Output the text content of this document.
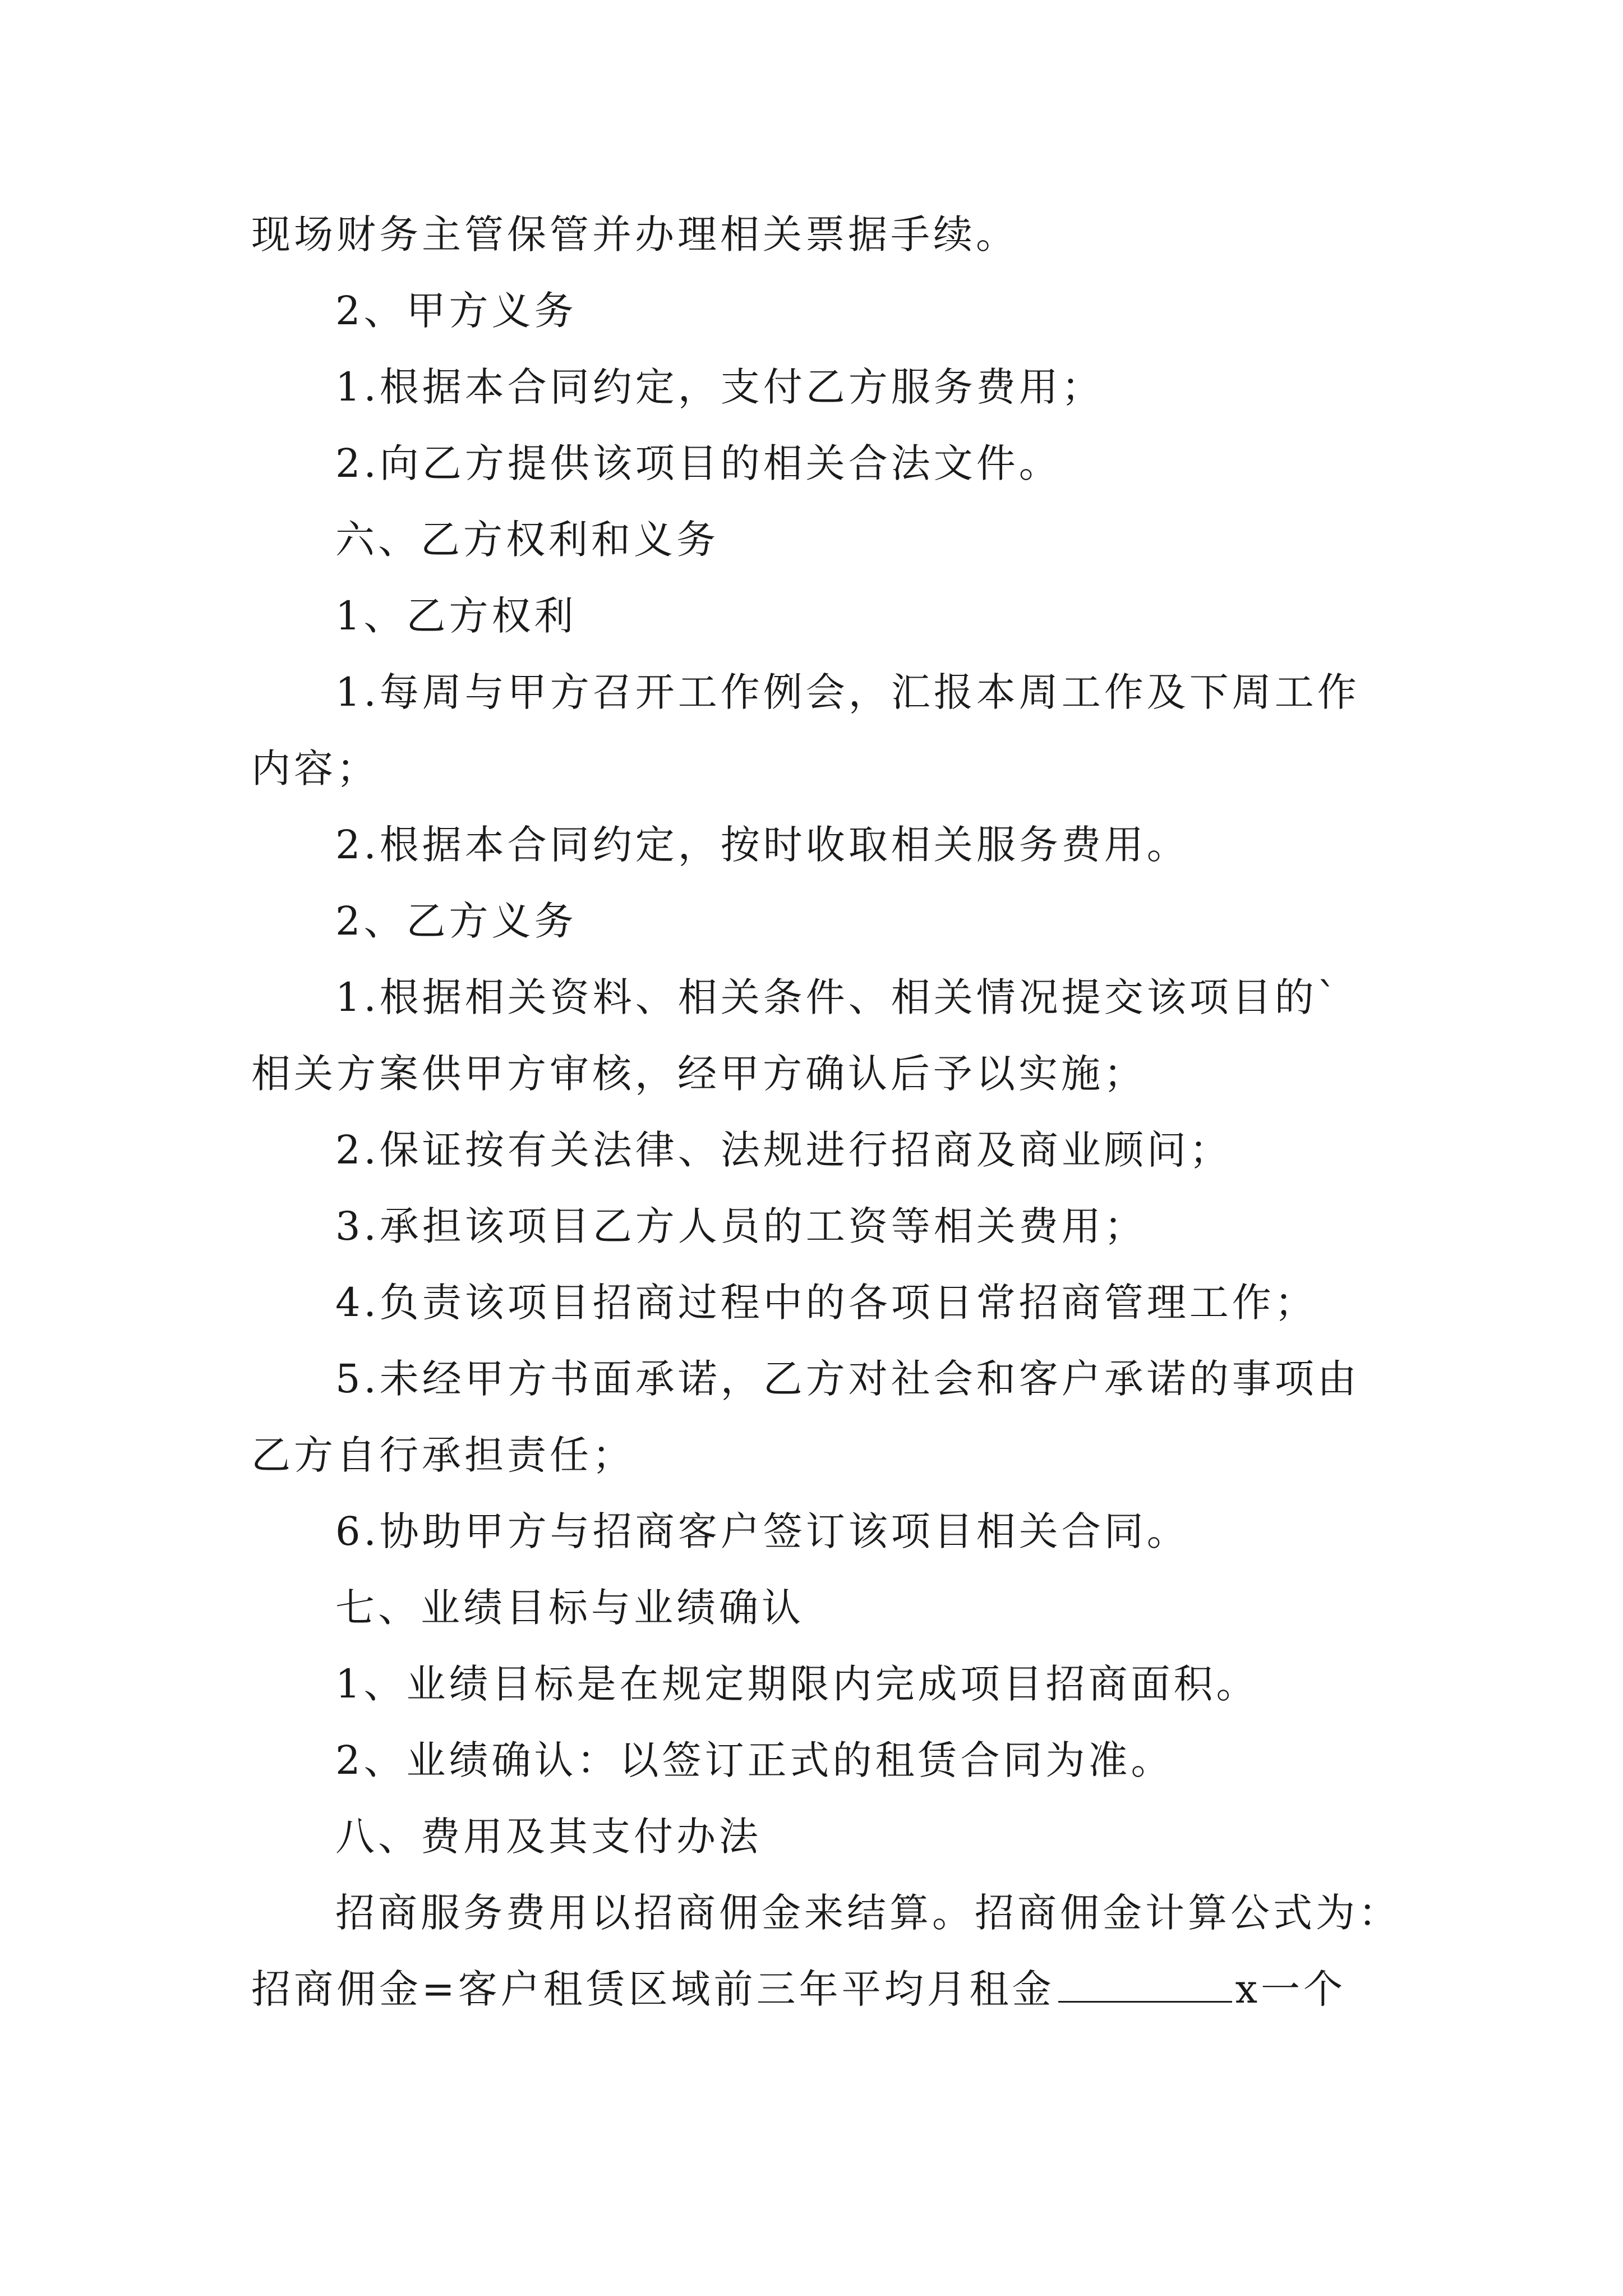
现场财务主管保管并办理相关票据手续。

2、甲方义务

1.根据本合同约定，支付乙方服务费用；

2.向乙方提供该项目的相关合法文件。

六、乙方权利和义务

1、乙方权利

1.每周与甲方召开工作例会，汇报本周工作及下周工作

内容；

2.根据本合同约定，按时收取相关服务费用。

2、乙方义务

1.根据相关资料、相关条件、相关情况提交该项目的`

相关方案供甲方审核，经甲方确认后予以实施；

2.保证按有关法律、法规进行招商及商业顾问；

3.承担该项目乙方人员的工资等相关费用；

4.负责该项目招商过程中的各项日常招商管理工作；

5.未经甲方书面承诺，乙方对社会和客户承诺的事项由

乙方自行承担责任；

6.协助甲方与招商客户签订该项目相关合同。

七、业绩目标与业绩确认

1、业绩目标是在规定期限内完成项目招商面积。

2、业绩确认：以签订正式的租赁合同为准。

八、费用及其支付办法

招商服务费用以招商佣金来结算。招商佣金计算公式为：

招商佣金=客户租赁区域前三年平均月租金	x一个
